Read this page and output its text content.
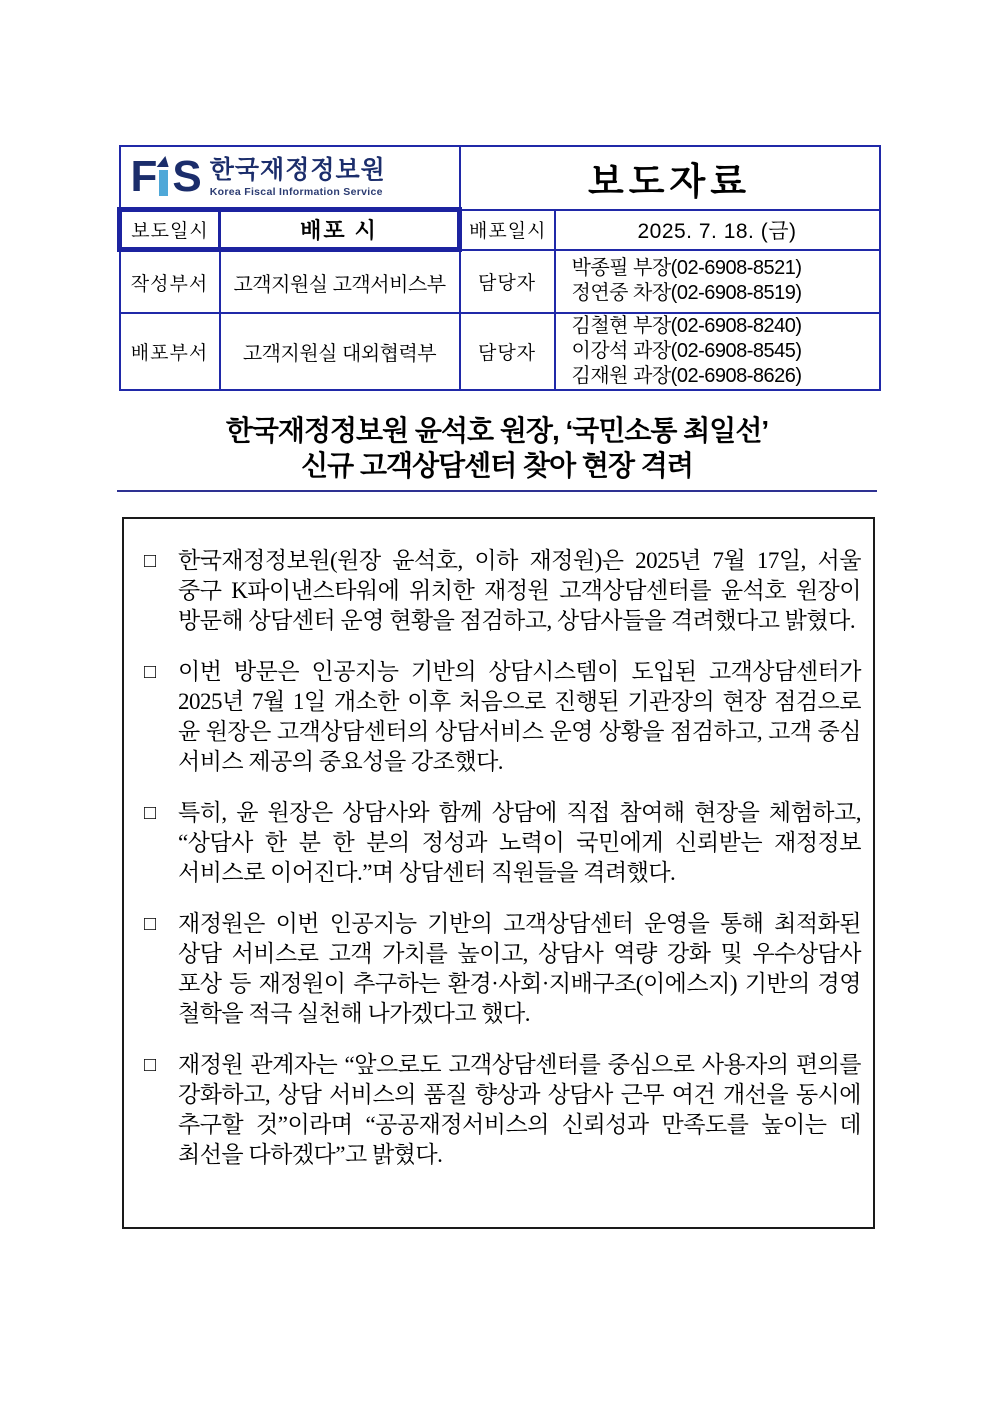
F S 한국재정정보원
Korea Fiscal Information Service		보도자료	
보도일시	배포 시	배포일시	2025. 7. 18. (금)
작성부서	고객지원실 고객서비스부	담당자	박종필 부장(02-6908-8521)
정연중 차장(02-6908-8519)

배포부서	고객지원실 대외협력부	담당자	김철현 부장(02-6908-8240)
이강석 과장(02-6908-8545)
김재원 과장(02-6908-8626)
한국재정정보원 윤석호 원장, ‘국민소통 최일선’
신규 고객상담센터 찾아 현장 격려
□ 한국재정정보원(원장 윤석호, 이하 재정원)은 2025년 7월 17일, 서울 중구 K파이낸스타워에 위치한 재정원 고객상담센터를 윤석호 원장이 방문해 상담센터 운영 현황을 점검하고, 상담사들을 격려했다고 밝혔다.
□ 이번 방문은 인공지능 기반의 상담시스템이 도입된 고객상담센터가 2025년 7월 1일 개소한 이후 처음으로 진행된 기관장의 현장 점검으로 윤 원장은 고객상담센터의 상담서비스 운영 상황을 점검하고, 고객 중심 서비스 제공의 중요성을 강조했다.
□ 특히, 윤 원장은 상담사와 함께 상담에 직접 참여해 현장을 체험하고, “상담사 한 분 한 분의 정성과 노력이 국민에게 신뢰받는 재정정보 서비스로 이어진다.”며 상담센터 직원들을 격려했다.
□ 재정원은 이번 인공지능 기반의 고객상담센터 운영을 통해 최적화된 상담 서비스로 고객 가치를 높이고, 상담사 역량 강화 및 우수상담사 포상 등 재정원이 추구하는 환경·사회·지배구조(이에스지) 기반의 경영 철학을 적극 실천해 나가겠다고 했다.
□ 재정원 관계자는 “앞으로도 고객상담센터를 중심으로 사용자의 편의를 강화하고, 상담 서비스의 품질 향상과 상담사 근무 여건 개선을 동시에 추구할 것”이라며 “공공재정서비스의 신뢰성과 만족도를 높이는 데 최선을 다하겠다”고 밝혔다.
